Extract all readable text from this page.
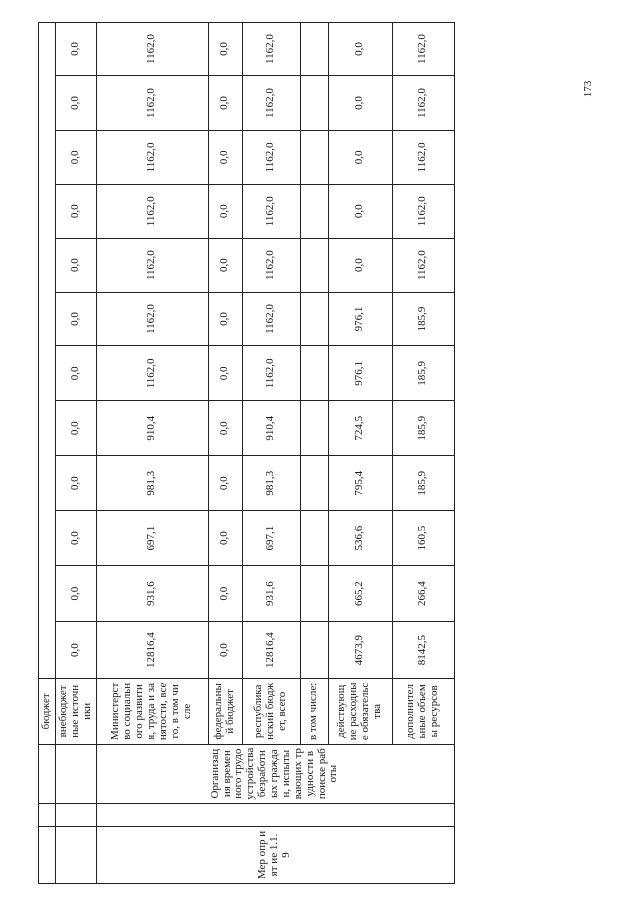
173
			бюджет												
			внебюджет ные источники	0,0	0,0	0,0	0,0	0,0	0,0	0,0	0,0	0,0	0,0	0,0	0,0
Мер опр ият ие 1.1. 9		Организация временного трудоустройства безработных граждан, испытывающих трудности в поиске работы	Министерство социального развития, труда и занятости, всего, в том числе	12816,4	931,6	697,1	981,3	910,4	1162,0	1162,0	1162,0	1162,0	1162,0	1162,0	1162,0
			федеральный бюджет	0,0	0,0	0,0	0,0	0,0	0,0	0,0	0,0	0,0	0,0	0,0	0,0
			республиканский бюджет, всего	12816,4	931,6	697,1	981,3	910,4	1162,0	1162,0	1162,0	1162,0	1162,0	1162,0	1162,0
			в том числе:												
			действующие расходные обязательства	4673,9	665,2	536,6	795,4	724,5	976,1	976,1	0,0	0,0	0,0	0,0	0,0
			дополнительные объемы ресурсов	8142,5	266,4	160,5	185,9	185,9	185,9	185,9	1162,0	1162,0	1162,0	1162,0	1162,0
